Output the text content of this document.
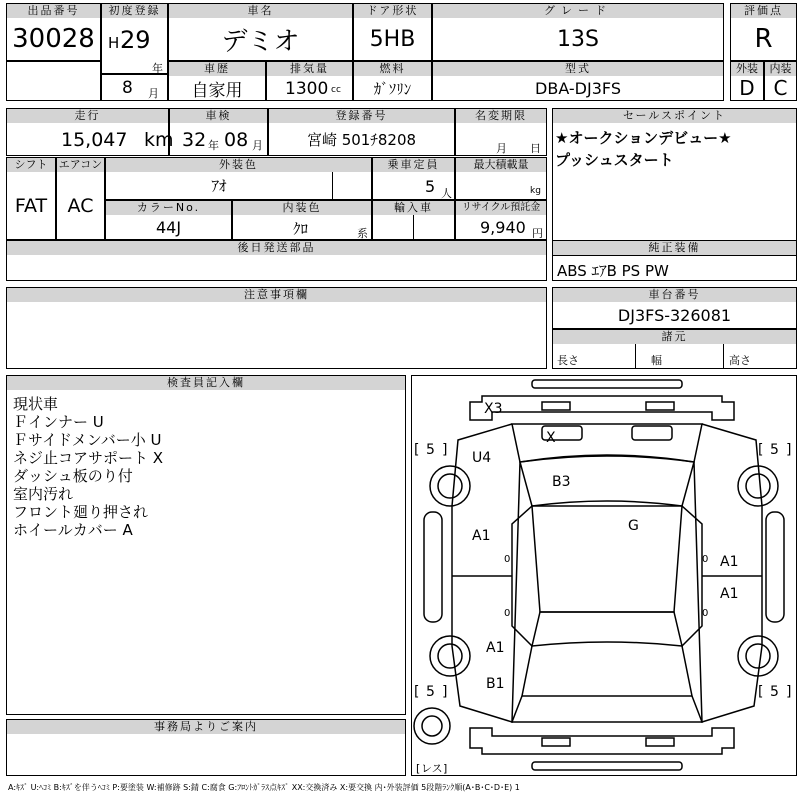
出品番号
30028
初度登録
H 29
年
8 月
車名
デミオ
ドア形状
5HB
グレード
13S
評価点
R
車歴
自家用
排気量
1300 cc
燃料
ｶﾞｿﾘﾝ
型式
DBA-DJ3FS
外装
D
内装
C
走行
15,047 km
車検
32 年 08 月
登録番号
宮崎 501ﾁ8208
名変期限
月 日
セールスポイント
★オークションデビュー★
プッシュスタート
シフト
FAT
エアコン
AC
外装色
ｱｵ
乗車定員
5 人
最大積載量
kg
カラーNo.
44J
内装色
ｸﾛ	系
輸入車	リサイクル預託金
9,940 円
後日発送部品	純正装備
ABS ｴｱB PS PW
注意事項欄	車台番号
DJ3FS-326081
諸元
長さ	幅	高さ
検査員記入欄
現状車
Ｆインナー U
Ｆサイドメンバー小 U
ネジ止コアサポート X
ダッシュ板のり付
室内汚れ
フロント廻り押され
ホイールカバー A
事務局よりご案内
X3
X
U4
B3
G
A1
A1
A1
A1
B1
5	5
5	5
[ ]	[ ]
[ ]	[ ]
[ レス ]
0	0
0	0
A:ｷｽﾞ U:ﾍｺﾐ B:ｷｽﾞを伴うﾍｺﾐ P:要塗装 W:補修跡 S:錆 C:腐食 G:ﾌﾛﾝﾄｶﾞﾗｽ点ｷｽﾞ XX:交換済み X:要交換 内･外装評価 5段階ﾗﾝｸ順(A･B･C･D･E) 1
